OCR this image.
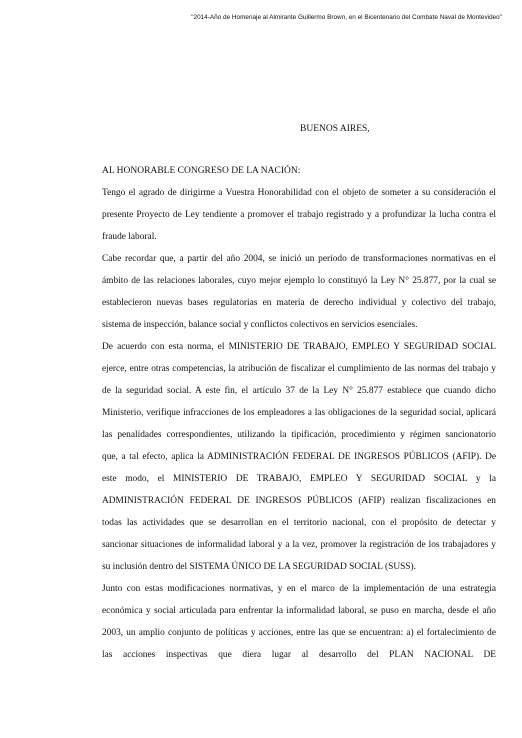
"2014-Año de Homenaje al Almirante Guillermo Brown, en el Bicentenario del Combate Naval de Montevideo"
BUENOS AIRES,
AL HONORABLE CONGRESO DE LA NACIÓN:
Tengo el agrado de dirigirme a Vuestra Honorabilidad con el objeto de someter a su consideración el
presente Proyecto de Ley tendiente a promover el trabajo registrado y a profundizar la lucha contra el
fraude laboral.
Cabe recordar que, a partir del año 2004, se inició un período de transformaciones normativas en el
ámbito de las relaciones laborales, cuyo mejor ejemplo lo constituyó la Ley N° 25.877, por la cual se
establecieron nuevas bases regulatorias en materia de derecho individual y colectivo del trabajo,
sistema de inspección, balance social y conflictos colectivos en servicios esenciales.
De acuerdo con esta norma, el MINISTERIO DE TRABAJO, EMPLEO Y SEGURIDAD SOCIAL
ejerce, entre otras competencias, la atribución de fiscalizar el cumplimiento de las normas del trabajo y
de la seguridad social. A este fin, el artículo 37 de la Ley N° 25.877 establece que cuando dicho
Ministerio, verifique infracciones de los empleadores a las obligaciones de la seguridad social, aplicará
las penalidades correspondientes, utilizando la tipificación, procedimiento y régimen sancionatorio
que, a tal efecto, aplica la ADMINISTRACIÓN FEDERAL DE INGRESOS PÚBLICOS (AFIP). De
este modo, el MINISTERIO DE TRABAJO, EMPLEO Y SEGURIDAD SOCIAL y la
ADMINISTRACIÓN FEDERAL DE INGRESOS PÚBLICOS (AFIP) realizan fiscalizaciones en
todas las actividades que se desarrollan en el territorio nacional, con el propósito de detectar y
sancionar situaciones de informalidad laboral y a la vez, promover la registración de los trabajadores y
su inclusión dentro del SISTEMA ÚNICO DE LA SEGURIDAD SOCIAL (SUSS).
Junto con estas modificaciones normativas, y en el marco de la implementación de una estrategia
económica y social articulada para enfrentar la informalidad laboral, se puso en marcha, desde el año
2003, un amplio conjunto de políticas y acciones, entre las que se encuentran: a) el fortalecimiento de
las acciones inspectivas que diera lugar al desarrollo del PLAN NACIONAL DE
